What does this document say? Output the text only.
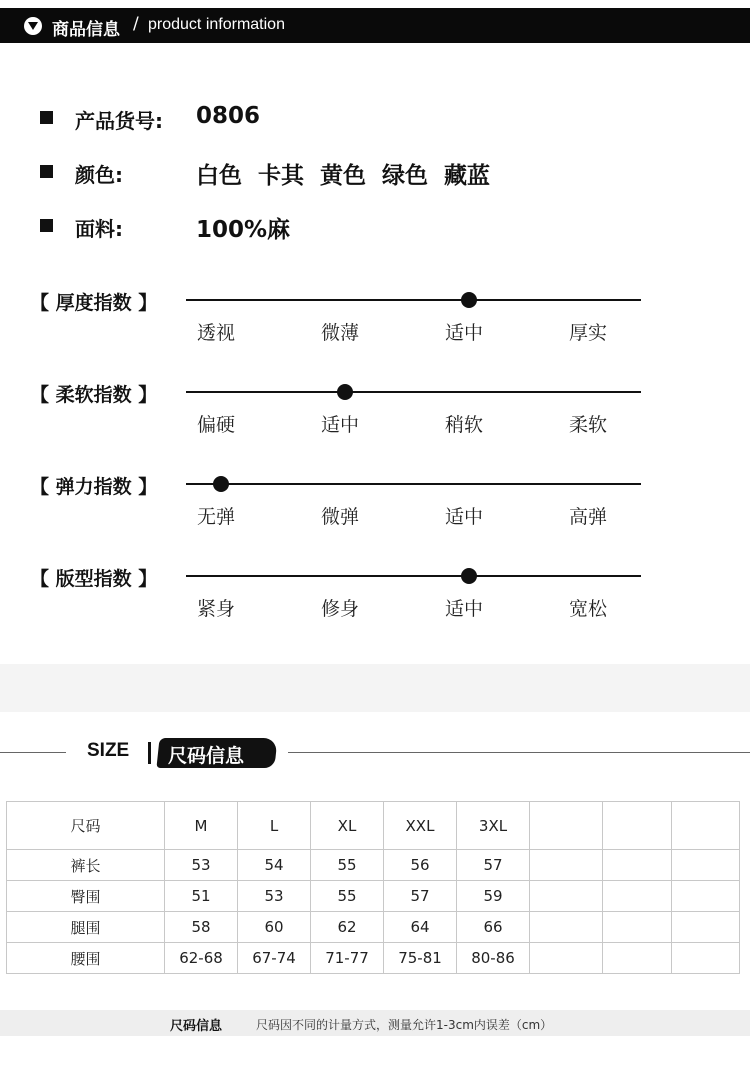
商品信息 / product information
产品货号: 0806
颜色:	白色  卡其  黄色  绿色  藏蓝
面料:	100%麻
【 厚度指数 】
透视	微薄	适中	厚实
【 柔软指数 】
偏硬	适中	稍软	柔软
【 弹力指数 】
无弹	微弹	适中	高弹
【 版型指数 】
紧身	修身	适中	宽松
SIZE 尺码信息
尺码	M	L	XL	XXL	3XL			
裤长	53	54	55	56	57			
臀围	51	53	55	57	59			
腿围	58	60	62	64	66			
腰围	62-68	67-74	71-77	75-81	80-86			
尺码信息	尺码因不同的计量方式，测量允许1-3cm内误差（cm）
